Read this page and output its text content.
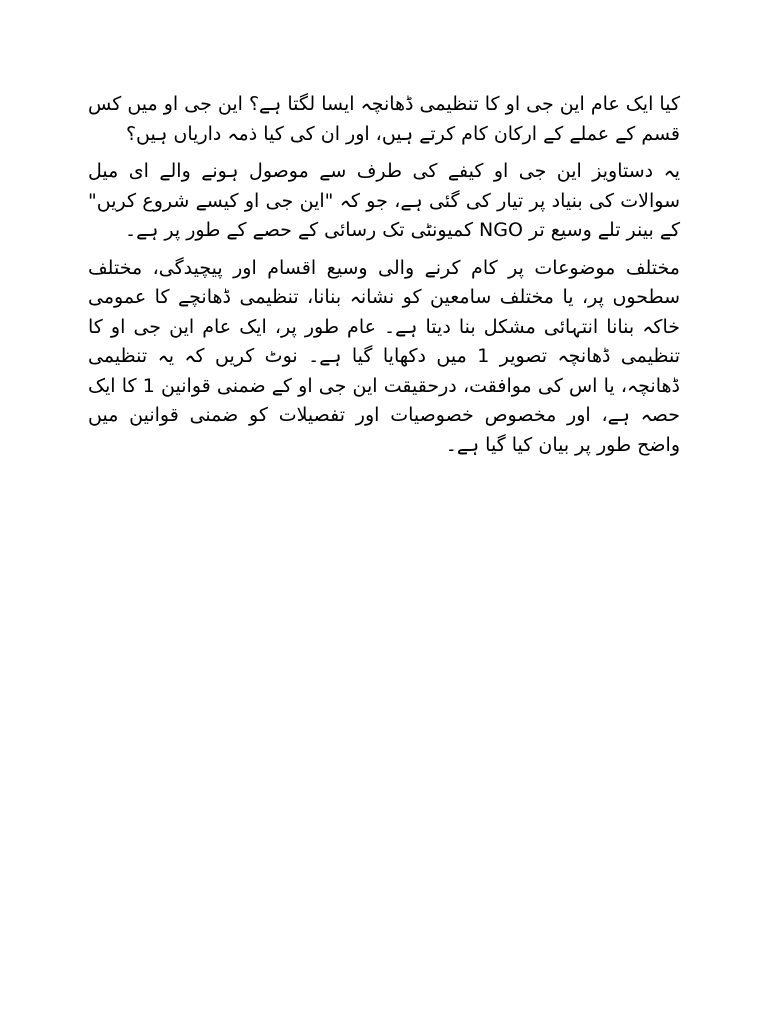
کیا ایک عام این جی او کا تنظیمی ڈھانچہ ایسا لگتا ہے؟ این جی او میں کس قسم کے عملے کے ارکان کام کرتے ہیں، اور ان کی کیا ذمہ داریاں ہیں؟

یہ دستاویز این جی او کیفے کی طرف سے موصول ہونے والے ای میل سوالات کی بنیاد پر تیار کی گئی ہے، جو کہ "این جی او کیسے شروع کریں" کے بینر تلے وسیع تر NGO کمیونٹی تک رسائی کے حصے کے طور پر ہے۔

مختلف موضوعات پر کام کرنے والی وسیع اقسام اور پیچیدگی، مختلف سطحوں پر، یا مختلف سامعین کو نشانہ بنانا، تنظیمی ڈھانچے کا عمومی خاکہ بنانا انتہائی مشکل بنا دیتا ہے۔ عام طور پر، ایک عام این جی او کا تنظیمی ڈھانچہ تصویر 1 میں دکھایا گیا ہے۔ نوٹ کریں کہ یہ تنظیمی ڈھانچہ، یا اس کی موافقت، درحقیقت این جی او کے ضمنی قوانین 1 کا ایک حصہ ہے، اور مخصوص خصوصیات اور تفصیلات کو ضمنی قوانین میں واضح طور پر بیان کیا گیا ہے۔
